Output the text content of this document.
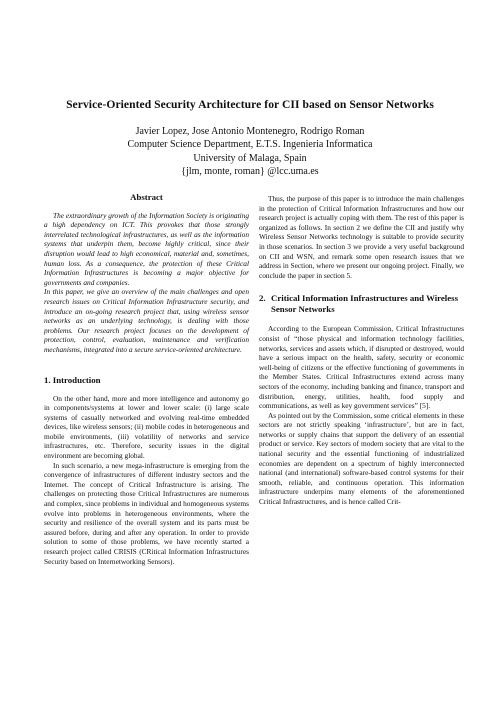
Service-Oriented Security Architecture for CII based on Sensor Networks
Javier Lopez, Jose Antonio Montenegro, Rodrigo Roman
Computer Science Department, E.T.S. Ingenieria Informatica
University of Malaga, Spain
{jlm, monte, roman} @lcc.uma.es
Abstract

The extraordinary growth of the Information Society is originating a high dependency on ICT. This provokes that those strongly interrelated technological infrastructures, as well as the information systems that underpin them, become highly critical, since their disruption would lead to high economical, material and, sometimes, human loss. As a consequence, the protection of these Critical Information Infrastructures is becoming a major objective for governments and companies.

In this paper, we give an overview of the main challenges and open research issues on Critical Information Infrastructure security, and introduce an on-going research project that, using wireless sensor networks as an underlying technology, is dealing with those problems. Our research project focuses on the development of protection, control, evaluation, maintenance and verification mechanisms, integrated into a secure service-oriented architecture.

1. Introduction

On the other hand, more and more intelligence and autonomy go in components/systems at lower and lower scale: (i) large scale systems of casually networked and evolving real-time embedded devices, like wireless sensors; (ii) mobile codes in heterogeneous and mobile environments, (iii) volatility of networks and service infrastructures, etc. Therefore, security issues in the digital environment are becoming global.

In such scenario, a new mega-infrastructure is emerging from the convergence of infrastructures of different industry sectors and the Internet. The concept of Critical Infrastructure is arising. The challenges on protecting those Critical Infrastructures are numerous and complex, since problems in individual and homogeneous systems evolve into problems in heterogeneous environments, where the security and resilience of the overall system and its parts must be assured before, during and after any operation. In order to provide solution to some of those problems, we have recently started a research project called CRISIS (CRitical Information Infrastructures Security based on Internetworking Sensors).

Thus, the purpose of this paper is to introduce the main challenges in the protection of Critical Information Infrastructures and how our research project is actually coping with them. The rest of this paper is organized as follows. In section 2 we define the CII and justify why Wireless Sensor Networks technology is suitable to provide security in those scenarios. In section 3 we provide a very useful background on CII and WSN, and remark some open research issues that we address in Section, where we present our ongoing project. Finally, we conclude the paper in section 5.

2. Critical Information Infrastructures and Wireless Sensor Networks

According to the European Commission, Critical Infrastructures consist of “those physical and information technology facilities, networks, services and assets which, if disrupted or destroyed, would have a serious impact on the health, safety, security or economic well-being of citizens or the effective functioning of governments in the Member States. Critical Infrastructures extend across many sectors of the economy, including banking and finance, transport and distribution, energy, utilities, health, food supply and communications, as well as key government services” [5].

As pointed out by the Commission, some critical elements in these sectors are not strictly speaking ‘infrastructure’, but are in fact, networks or supply chains that support the delivery of an essential product or service. Key sectors of modern society that are vital to the national security and the essential functioning of industrialized economies are dependent on a spectrum of highly interconnected national (and international) software-based control systems for their smooth, reliable, and continuous operation. This information infrastructure underpins many elements of the aforementioned Critical Infrastructures, and is hence called Crit-
